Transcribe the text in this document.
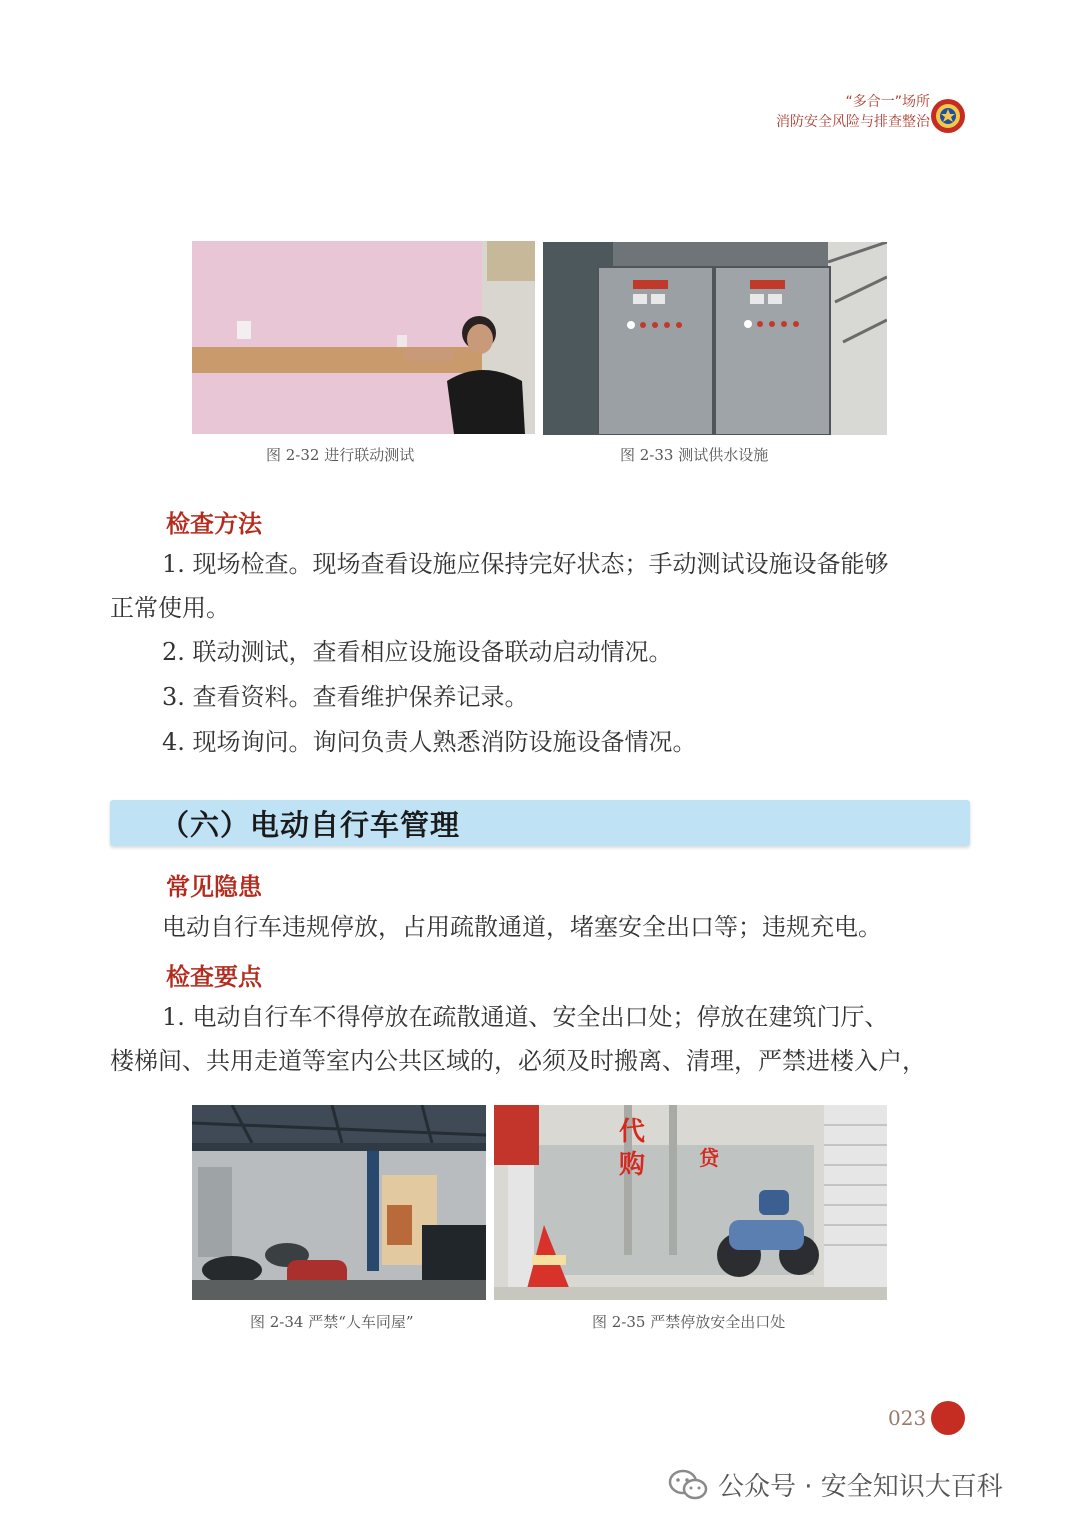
“多合一”场所
消防安全风险与排查整治
图 2-32 进行联动测试	图 2-33 测试供水设施
检查方法
1. 现场检查。现场查看设施应保持完好状态；手动测试设施设备能够
正常使用。
2. 联动测试，查看相应设施设备联动启动情况。
3. 查看资料。查看维护保养记录。
4. 现场询问。询问负责人熟悉消防设施设备情况。
（六）电动自行车管理
常见隐患
电动自行车违规停放，占用疏散通道，堵塞安全出口等；违规充电。
检查要点
1. 电动自行车不得停放在疏散通道、安全出口处；停放在建筑门厅、
楼梯间、共用走道等室内公共区域的，必须及时搬离、清理，严禁进楼入户，
图 2-34 严禁“人车同屋”
代
购	贷
图 2-35 严禁停放安全出口处
023
公众号 · 安全知识大百科
